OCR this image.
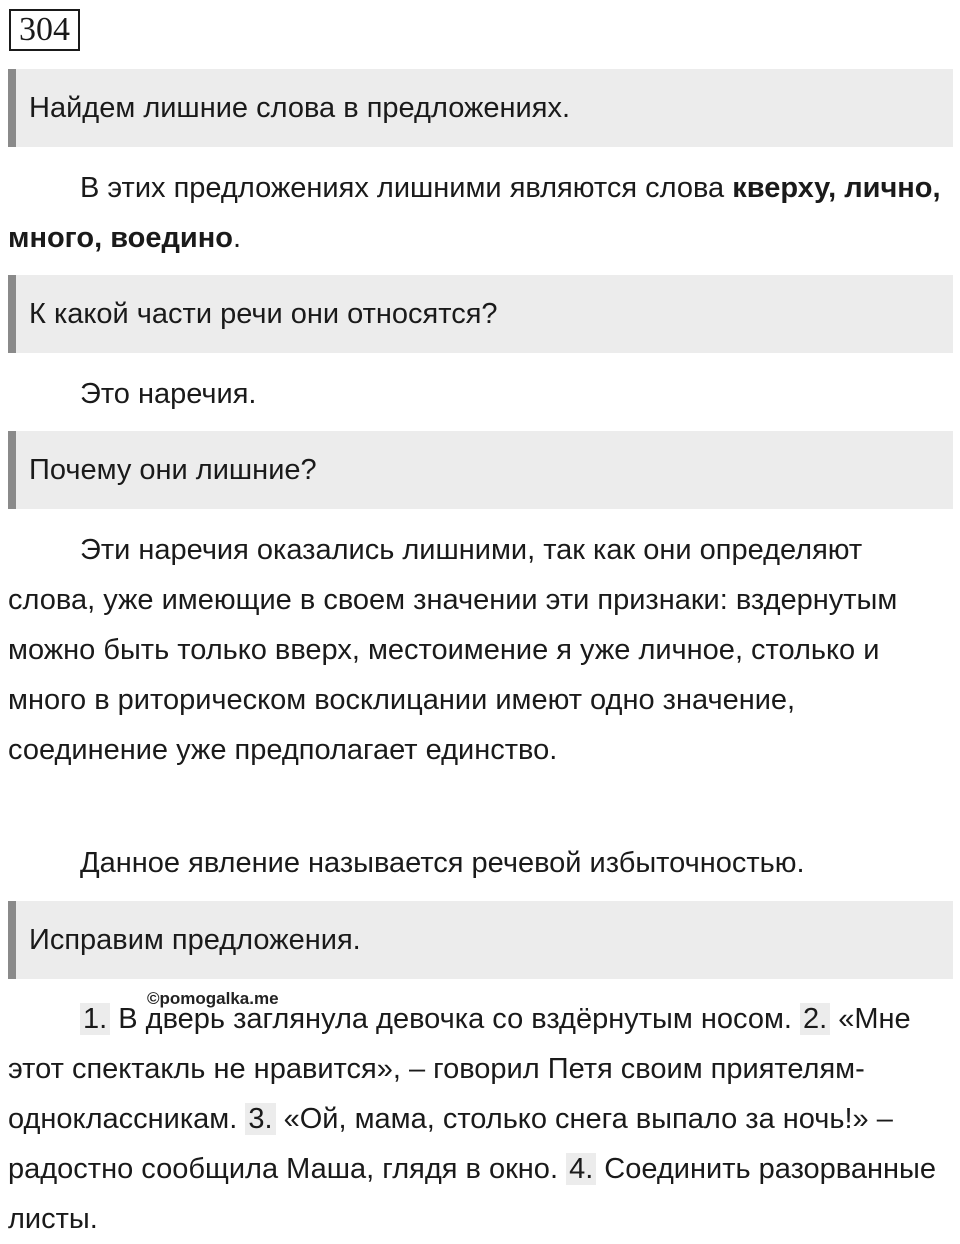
304
Найдем лишние слова в предложениях.

В этих предложениях лишними являются слова кверху, лично, много, воедино.

К какой части речи они относятся?

Это наречия.

Почему они лишние?

Эти наречия оказались лишними, так как они определяют слова, уже имеющие в своем значении эти признаки: вздернутым можно быть только вверх, местоимение я уже личное, столько и много в риторическом восклицании имеют одно значение, соединение уже предполагает единство.

Данное явление называется речевой избыточностью.

Исправим предложения.
©pomogalka.me

1. В дверь заглянула девочка со вздёрнутым носом. 2. «Мне этот спектакль не нравится», – говорил Петя своим приятелям-одноклассникам. 3. «Ой, мама, столько снега выпало за ночь!» – радостно сообщила Маша, глядя в окно. 4. Соединить разорванные листы.
